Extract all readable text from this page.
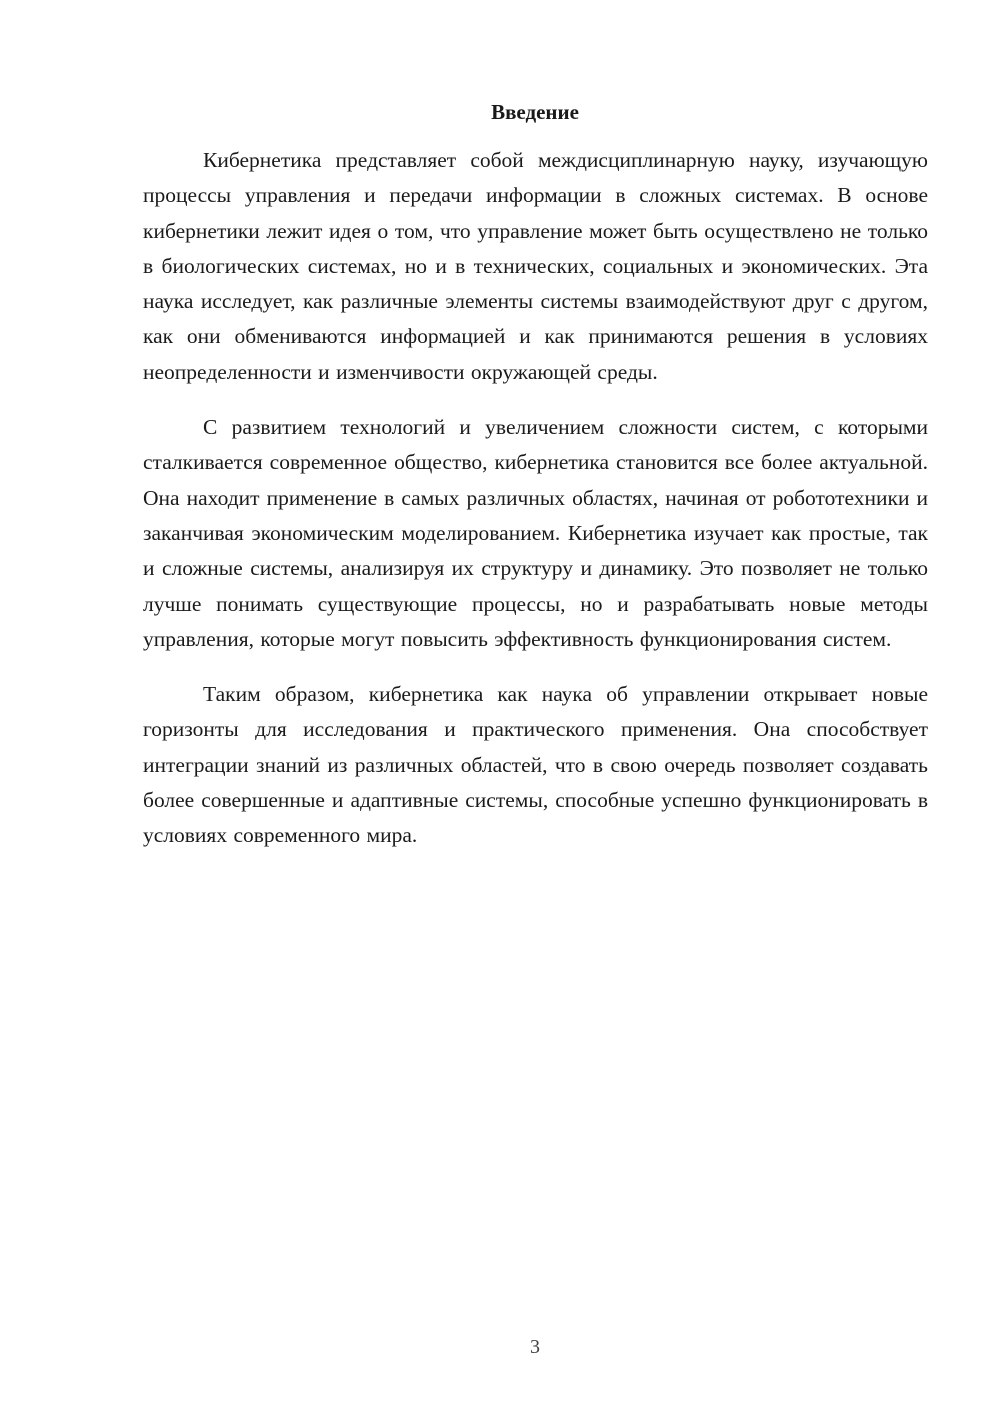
Введение

Кибернетика представляет собой междисциплинарную науку, изучающую процессы управления и передачи информации в сложных системах. В основе кибернетики лежит идея о том, что управление может быть осуществлено не только в биологических системах, но и в технических, социальных и экономических. Эта наука исследует, как различные элементы системы взаимодействуют друг с другом, как они обмениваются информацией и как принимаются решения в условиях неопределенности и изменчивости окружающей среды.

С развитием технологий и увеличением сложности систем, с которыми сталкивается современное общество, кибернетика становится все более актуальной. Она находит применение в самых различных областях, начиная от робототехники и заканчивая экономическим моделированием. Кибернетика изучает как простые, так и сложные системы, анализируя их структуру и динамику. Это позволяет не только лучше понимать существующие процессы, но и разрабатывать новые методы управления, которые могут повысить эффективность функционирования систем.

Таким образом, кибернетика как наука об управлении открывает новые горизонты для исследования и практического применения. Она способствует интеграции знаний из различных областей, что в свою очередь позволяет создавать более совершенные и адаптивные системы, способные успешно функционировать в условиях современного мира.

3
